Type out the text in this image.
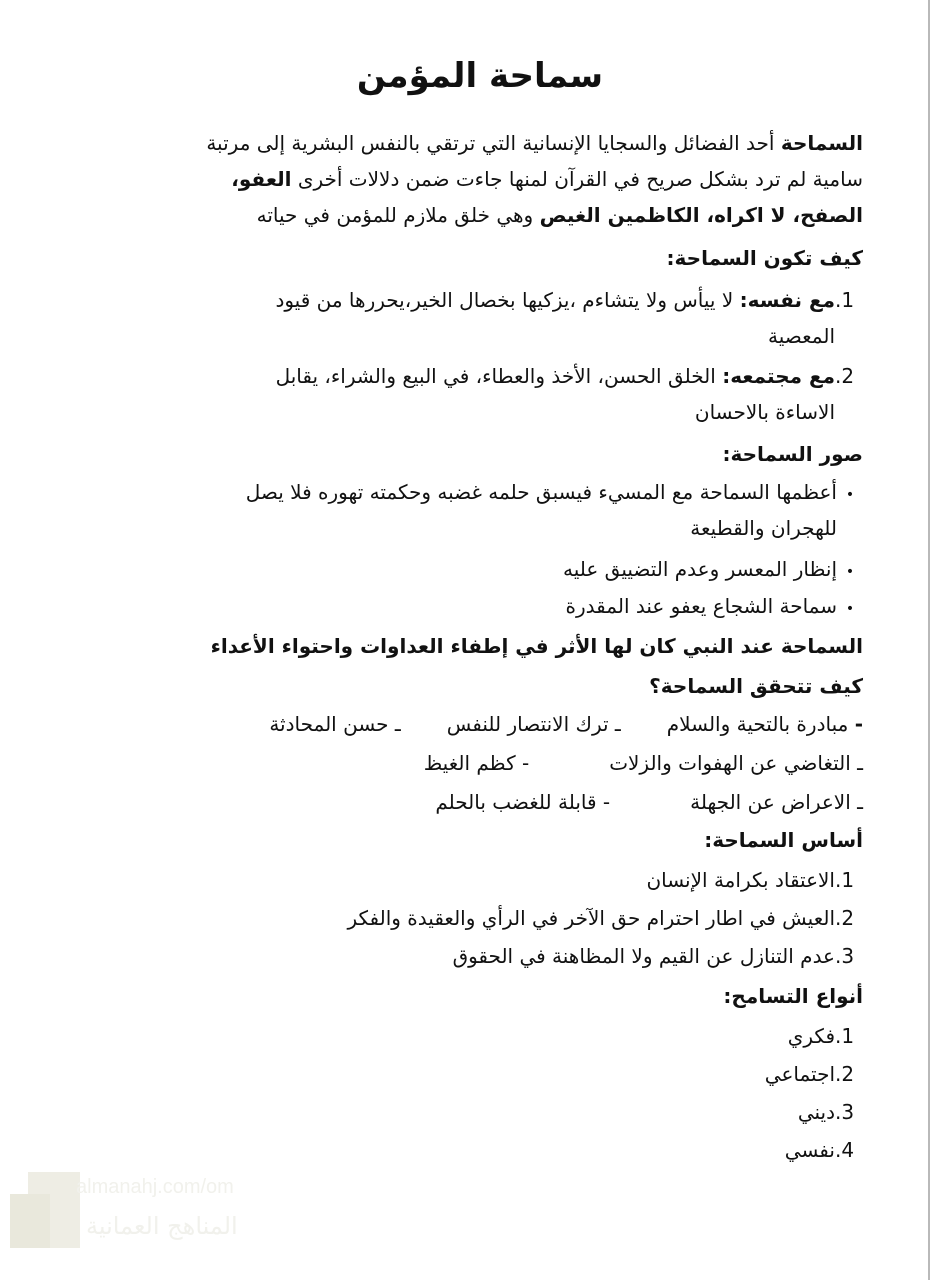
سماحة المؤمن
السماحة أحد الفضائل والسجايا الإنسانية التي ترتقي بالنفس البشرية إلى مرتبة
سامية لم ترد بشكل صريح في القرآن لمنها جاءت ضمن دلالات أخرى العفو،
الصفح، لا اكراه، الكاظمين الغيص وهي خلق ملازم للمؤمن في حياته
كيف تكون السماحة:
1.مع نفسه: لا ييأس ولا يتشاءم ،يزكيها بخصال الخير،يحررها من قيود
المعصية
2.مع مجتمعه: الخلق الحسن، الأخذ والعطاء، في البيع والشراء، يقابل
الاساءة بالاحسان
صور السماحة:
•أعظمها السماحة مع المسيء فيسبق حلمه غضبه وحكمته تهوره فلا يصل
للهجران والقطيعة
•إنظار المعسر وعدم التضييق عليه
•سماحة الشجاع يعفو عند المقدرة
السماحة عند النبي كان لها الأثر في إطفاء العداوات واحتواء الأعداء
كيف تتحقق السماحة؟
- مبادرة بالتحية والسلامـ ترك الانتصار للنفسـ حسن المحادثة
ـ التغاضي عن الهفوات والزلات- كظم الغيظ
ـ الاعراض عن الجهلة- قابلة للغضب بالحلم
أساس السماحة:
1.الاعتقاد بكرامة الإنسان
2.العيش في اطار احترام حق الآخر في الرأي والعقيدة والفكر
3.عدم التنازل عن القيم ولا المظاهنة في الحقوق
أنواع التسامح:
1.فكري
2.اجتماعي
3.ديني
4.نفسي
almanahj.com/om
المناهج العمانية
